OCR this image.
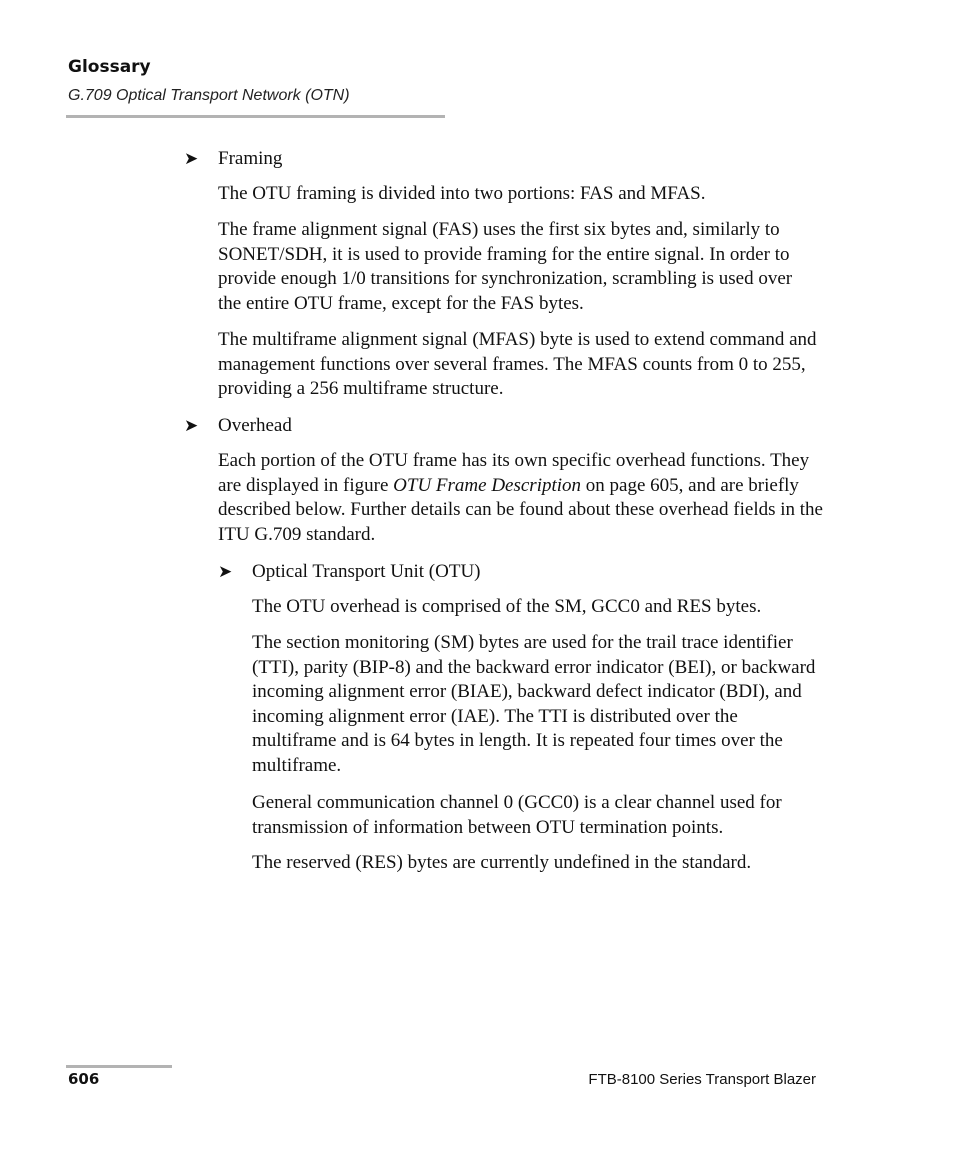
Glossary
G.709 Optical Transport Network (OTN)
➤	Framing

The OTU framing is divided into two portions: FAS and MFAS.

The frame alignment signal (FAS) uses the first six bytes and, similarly to SONET/SDH, it is used to provide framing for the entire signal. In order to provide enough 1/0 transitions for synchronization, scrambling is used over the entire OTU frame, except for the FAS bytes.

The multiframe alignment signal (MFAS) byte is used to extend command and management functions over several frames. The MFAS counts from 0 to 255, providing a 256 multiframe structure.

➤	Overhead

Each portion of the OTU frame has its own specific overhead functions. They are displayed in figure OTU Frame Description on page 605, and are briefly described below. Further details can be found about these overhead fields in the ITU G.709 standard.

➤	Optical Transport Unit (OTU)

The OTU overhead is comprised of the SM, GCC0 and RES bytes.

The section monitoring (SM) bytes are used for the trail trace identifier (TTI), parity (BIP-8) and the backward error indicator (BEI), or backward incoming alignment error (BIAE), backward defect indicator (BDI), and incoming alignment error (IAE). The TTI is distributed over the multiframe and is 64 bytes in length. It is repeated four times over the multiframe.

General communication channel 0 (GCC0) is a clear channel used for transmission of information between OTU termination points.

The reserved (RES) bytes are currently undefined in the standard.

606	FTB-8100 Series Transport Blazer
